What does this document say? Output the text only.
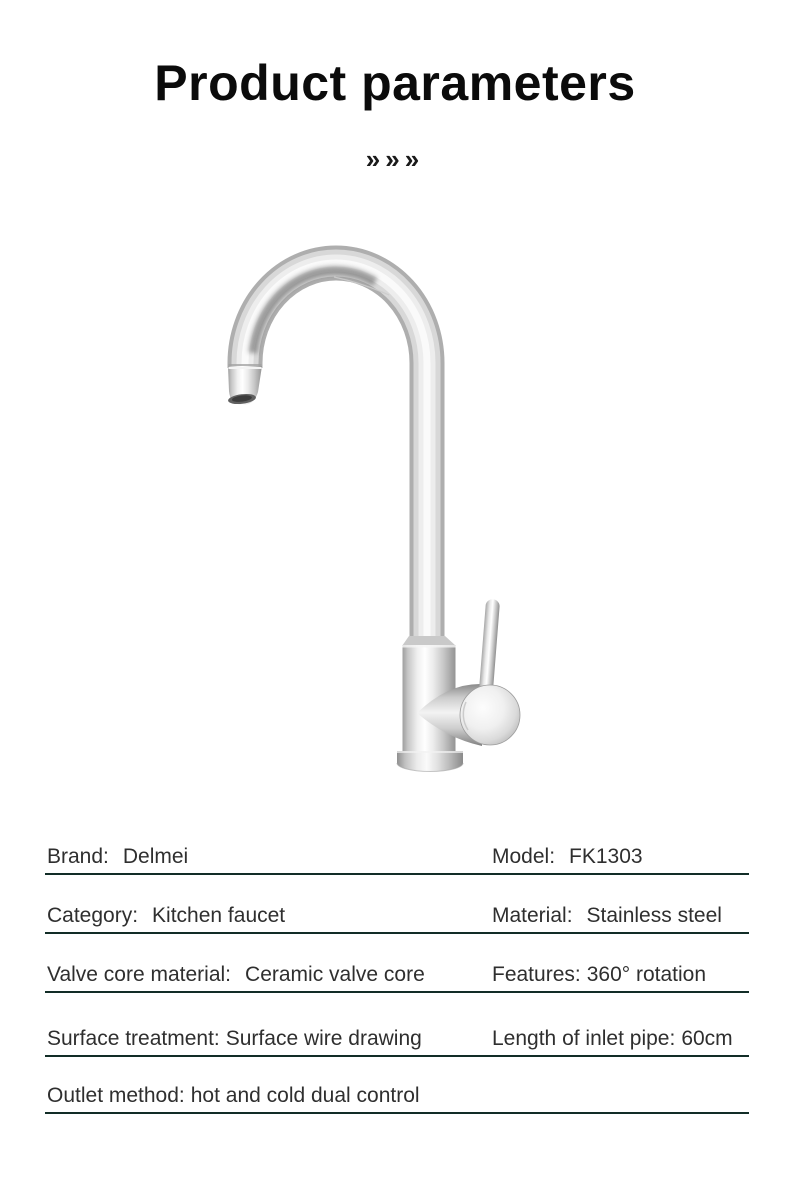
Product parameters
»»»
Brand: Delmei	Model: FK1303
Category: Kitchen faucet	Material: Stainless steel
Valve core material: Ceramic valve core	Features: 360° rotation
Surface treatment: Surface wire drawing	Length of inlet pipe: 60cm
Outlet method: hot and cold dual control
